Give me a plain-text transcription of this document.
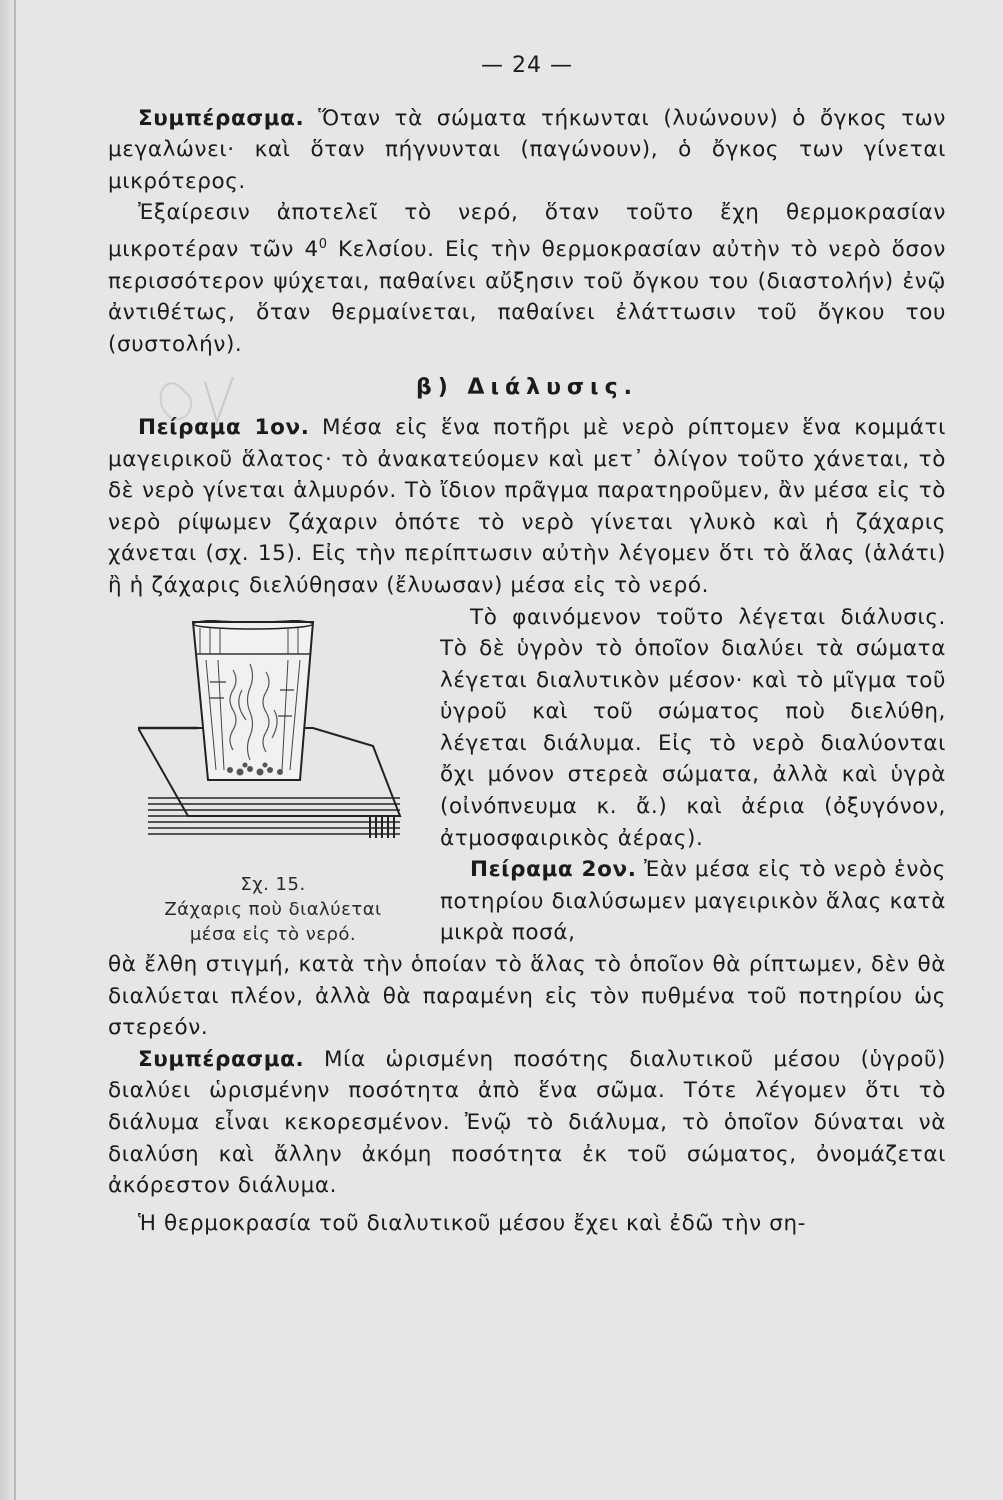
— 24 —

Συμπέρασμα. Ὅταν τὰ σώματα τήκωνται (λυώνουν) ὁ ὄγκος των μεγαλώνει· καὶ ὅταν πήγνυνται (παγώνουν), ὁ ὄγκος των γίνεται μικρότερος.

Ἐξαίρεσιν ἀποτελεῖ τὸ νερό, ὅταν τοῦτο ἔχη θερμοκρασίαν μικροτέραν τῶν $4^0$ Κελσίου. Εἰς τὴν θερμοκρασίαν αὐτὴν τὸ νερὸ ὅσον περισσότερον ψύχεται, παθαίνει αὔξησιν τοῦ ὄγκου του (διαστολήν) ἐνῷ ἀντιθέτως, ὅταν θερμαίνεται, παθαίνει ἐλάττωσιν τοῦ ὄγκου του (συστολήν).

β) Διάλυσις.

Πείραμα 1ον. Μέσα εἰς ἕνα ποτῆρι μὲ νερὸ ρίπτομεν ἕνα κομμάτι μαγειρικοῦ ἅλατος· τὸ ἀνακατεύομεν καὶ μετ᾽ ὀλίγον τοῦτο χάνεται, τὸ δὲ νερὸ γίνεται ἁλμυρόν. Τὸ ἴδιον πρᾶγμα παρατηροῦμεν, ἂν μέσα εἰς τὸ νερὸ ρίψωμεν ζάχαριν ὁπότε τὸ νερὸ γίνεται γλυκὸ καὶ ἡ ζάχαρις χάνεται (σχ. 15). Εἰς τὴν περίπτωσιν αὐτὴν λέγομεν ὅτι τὸ ἅλας (ἁλάτι) ἢ ἡ ζάχαρις διελύθησαν (ἔλυωσαν) μέσα εἰς τὸ νερό.

Σχ. 15.
Ζάχαρις ποὺ διαλύεται
μέσα εἰς τὸ νερό.

Τὸ φαινόμενον τοῦτο λέγεται διάλυσις. Τὸ δὲ ὑγρὸν τὸ ὁποῖον διαλύει τὰ σώματα λέγεται διαλυτικὸν μέσον· καὶ τὸ μῖγμα τοῦ ὑγροῦ καὶ τοῦ σώματος ποὺ διελύθη, λέγεται διάλυμα. Εἰς τὸ νερὸ διαλύονται ὄχι μόνον στερεὰ σώματα, ἀλλὰ καὶ ὑγρὰ (οἰνόπνευμα κ. ἄ.) καὶ ἀέρια (ὀξυγόνον, ἀτμοσφαιρικὸς ἀέρας).

Πείραμα 2ον. Ἐὰν μέσα εἰς τὸ νερὸ ἑνὸς ποτηρίου διαλύσωμεν μαγειρικὸν ἅλας κατὰ μικρὰ ποσά,

θὰ ἔλθη στιγμή, κατὰ τὴν ὁποίαν τὸ ἅλας τὸ ὁποῖον θὰ ρίπτωμεν, δὲν θὰ διαλύεται πλέον, ἀλλὰ θὰ παραμένη εἰς τὸν πυθμένα τοῦ ποτηρίου ὡς στερεόν.

Συμπέρασμα. Μία ὡρισμένη ποσότης διαλυτικοῦ μέσου (ὑγροῦ) διαλύει ὡρισμένην ποσότητα ἀπὸ ἕνα σῶμα. Τότε λέγομεν ὅτι τὸ διάλυμα εἶναι κεκορεσμένον. Ἐνῷ τὸ διάλυμα, τὸ ὁποῖον δύναται νὰ διαλύση καὶ ἄλλην ἀκόμη ποσότητα ἐκ τοῦ σώματος, ὀνομάζεται ἀκόρεστον διάλυμα.

Ἡ θερμοκρασία τοῦ διαλυτικοῦ μέσου ἔχει καὶ ἐδῶ τὴν ση-
